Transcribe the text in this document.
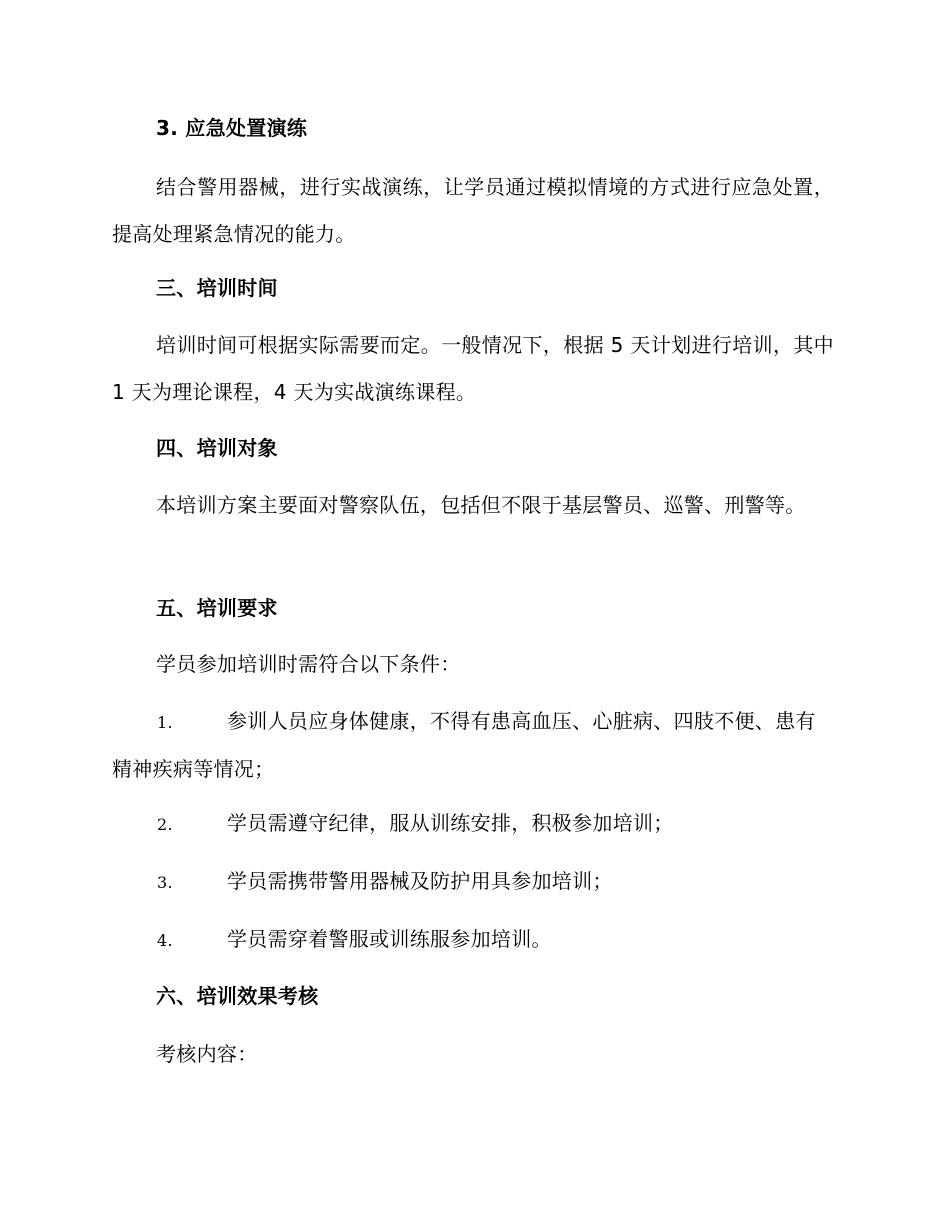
3. 应急处置演练
结合警用器械，进行实战演练，让学员通过模拟情境的方式进行应急处置，提高处理紧急情况的能力。
三、培训时间
培训时间可根据实际需要而定。一般情况下，根据 5 天计划进行培训，其中 1 天为理论课程，4 天为实战演练课程。
四、培训对象
本培训方案主要面对警察队伍，包括但不限于基层警员、巡警、刑警等。
五、培训要求
学员参加培训时需符合以下条件：
1.	参训人员应身体健康，不得有患高血压、心脏病、四肢不便、患有精神疾病等情况；
2.	学员需遵守纪律，服从训练安排，积极参加培训；
3.	学员需携带警用器械及防护用具参加培训；
4.	学员需穿着警服或训练服参加培训。
六、培训效果考核
考核内容：
